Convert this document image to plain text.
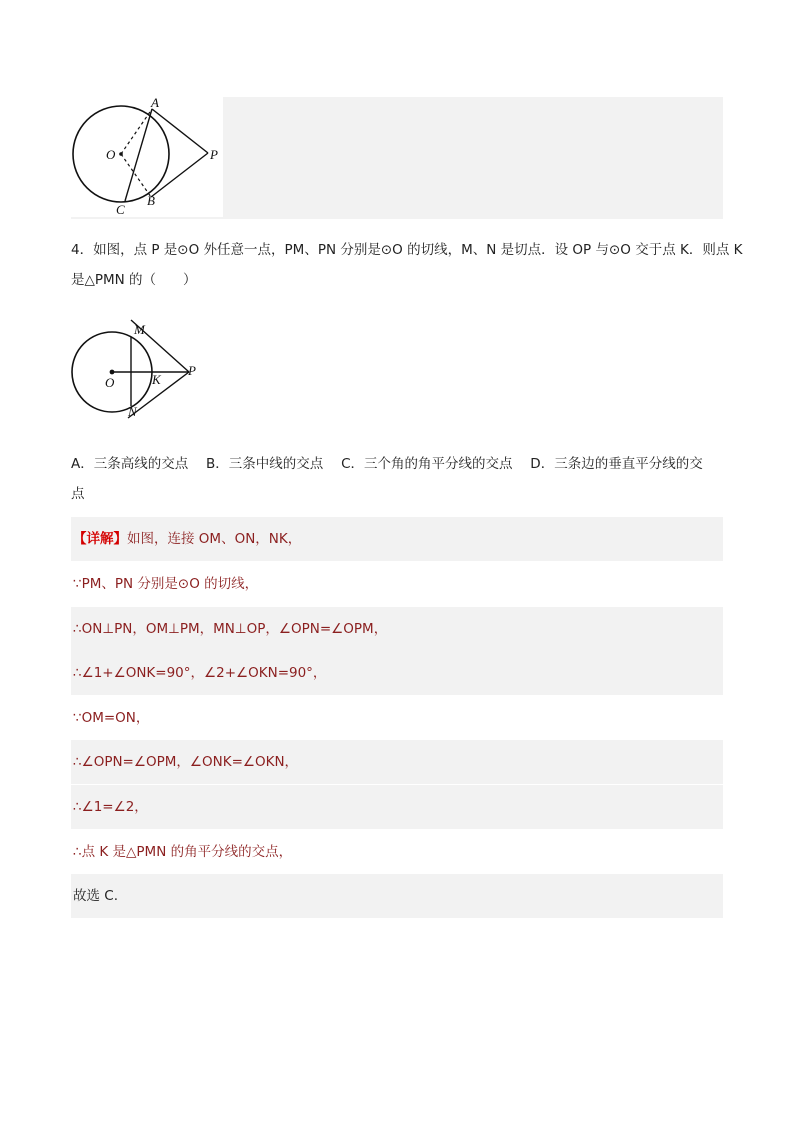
A
O	P
B
C
4．如图，点 P 是⊙O 外任意一点，PM、PN 分别是⊙O 的切线，M、N 是切点．设 OP 与⊙O 交于点 K．则点 K
是△PMN 的（　　）
M
O	K
P
N
A．三条高线的交点　 B．三条中线的交点　 C．三个角的角平分线的交点　 D．三条边的垂直平分线的交
点
【详解】如图，连接 OM、ON，NK，
∵PM、PN 分别是⊙O 的切线，
∴ON⊥PN，OM⊥PM，MN⊥OP，∠OPN=∠OPM，
∴∠1+∠ONK=90°，∠2+∠OKN=90°，
∵OM=ON，
∴∠OPN=∠OPM，∠ONK=∠OKN，
∴∠1=∠2，
∴点 K 是△PMN 的角平分线的交点，
故选 C.
